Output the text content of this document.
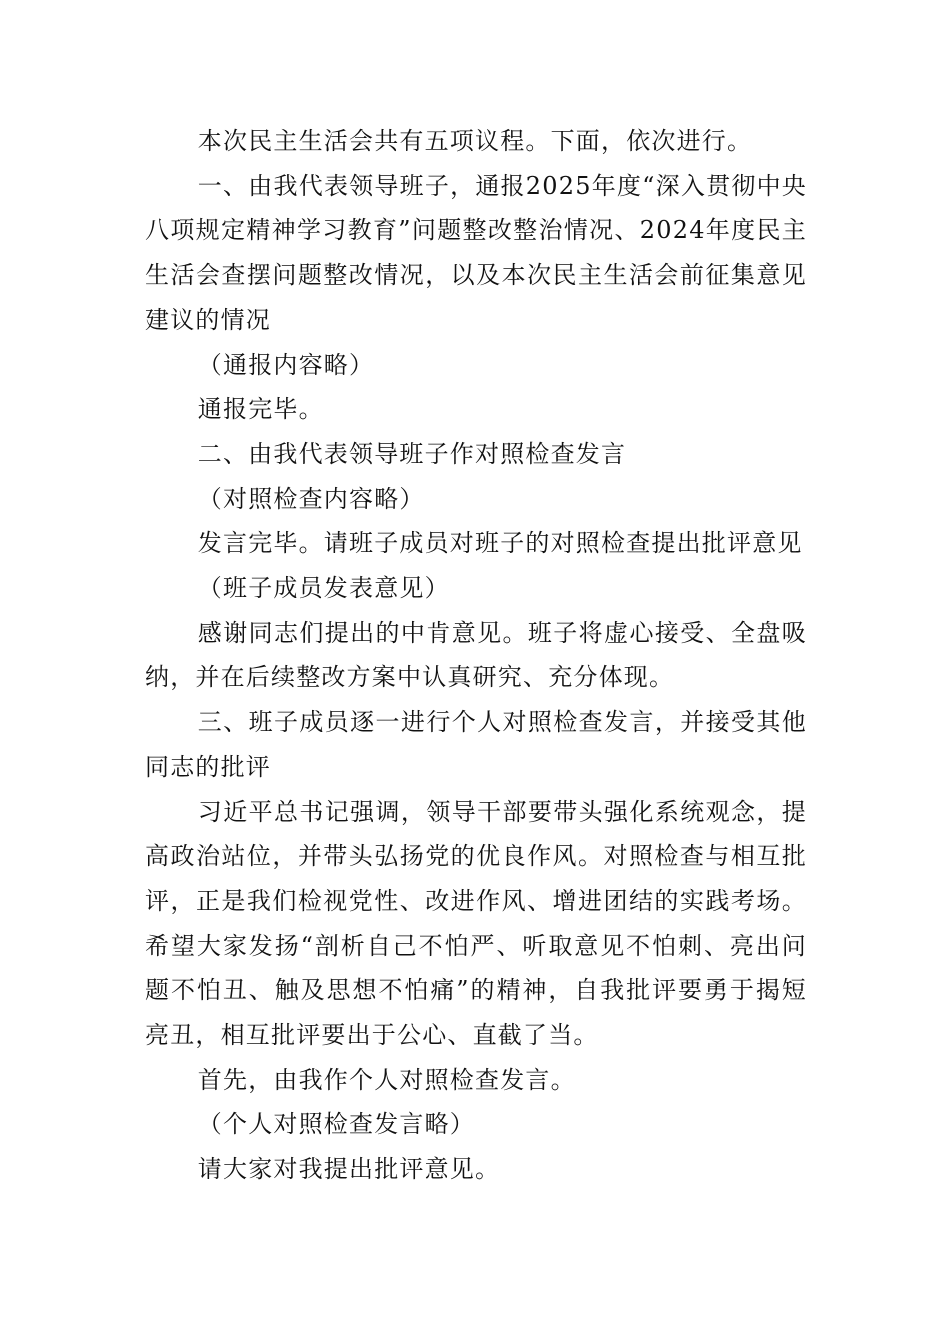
本次民主生活会共有五项议程。下面，依次进行。

一、由我代表领导班子，通报2025年度“深入贯彻中央八项规定精神学习教育”问题整改整治情况、2024年度民主生活会查摆问题整改情况，以及本次民主生活会前征集意见建议的情况

（通报内容略）

通报完毕。

二、由我代表领导班子作对照检查发言

（对照检查内容略）

发言完毕。请班子成员对班子的对照检查提出批评意见

（班子成员发表意见）

感谢同志们提出的中肯意见。班子将虚心接受、全盘吸纳，并在后续整改方案中认真研究、充分体现。

三、班子成员逐一进行个人对照检查发言，并接受其他同志的批评

习近平总书记强调，领导干部要带头强化系统观念，提高政治站位，并带头弘扬党的优良作风。对照检查与相互批评，正是我们检视党性、改进作风、增进团结的实践考场。希望大家发扬“剖析自己不怕严、听取意见不怕刺、亮出问题不怕丑、触及思想不怕痛”的精神，自我批评要勇于揭短亮丑，相互批评要出于公心、直截了当。

首先，由我作个人对照检查发言。

（个人对照检查发言略）

请大家对我提出批评意见。
